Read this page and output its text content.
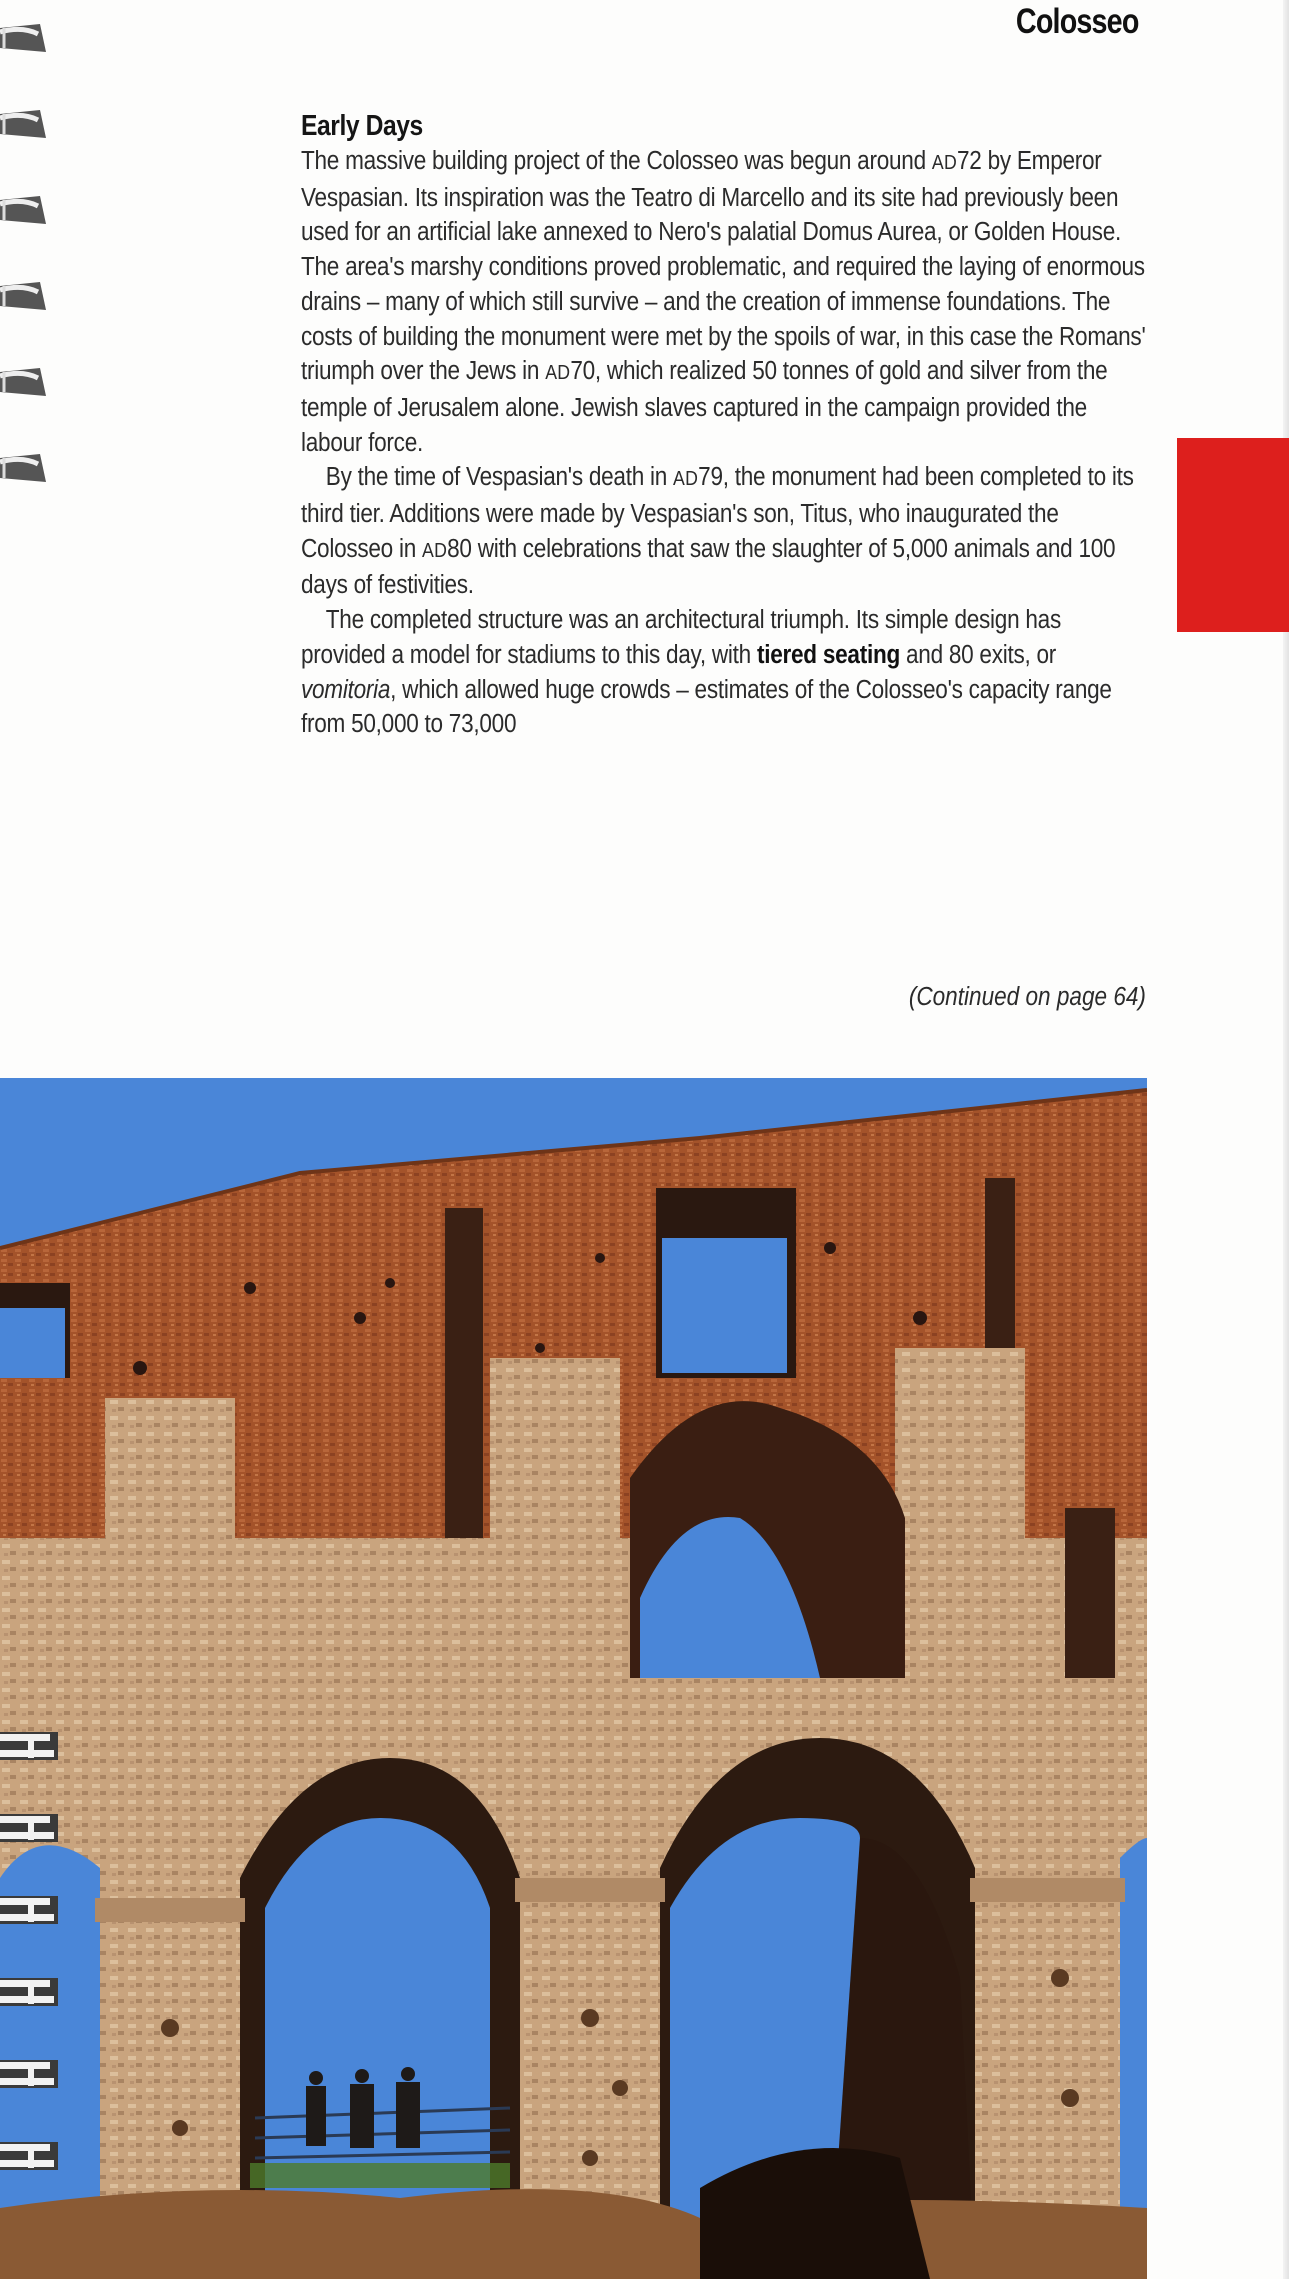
Colosseo
Early Days

The massive building project of the Colosseo was begun around AD72 by Emperor Vespasian. Its inspiration was the Teatro di Marcello and its site had previously been used for an artificial lake annexed to Nero's palatial Domus Aurea, or Golden House. The area's marshy conditions proved problematic, and required the laying of enormous drains – many of which still survive – and the creation of immense foundations. The costs of building the monument were met by the spoils of war, in this case the Romans' triumph over the Jews in AD70, which realized 50 tonnes of gold and silver from the temple of Jerusalem alone. Jewish slaves captured in the campaign provided the labour force.

By the time of Vespasian's death in AD79, the monument had been completed to its third tier. Additions were made by Vespasian's son, Titus, who inaugurated the Colosseo in AD80 with celebrations that saw the slaughter of 5,000 animals and 100 days of festivities.

The completed structure was an architectural triumph. Its simple design has provided a model for stadiums to this day, with tiered seating and 80 exits, or vomitoria, which allowed huge crowds – estimates of the Colosseo's capacity range from 50,000 to 73,000

(Continued on page 64)
